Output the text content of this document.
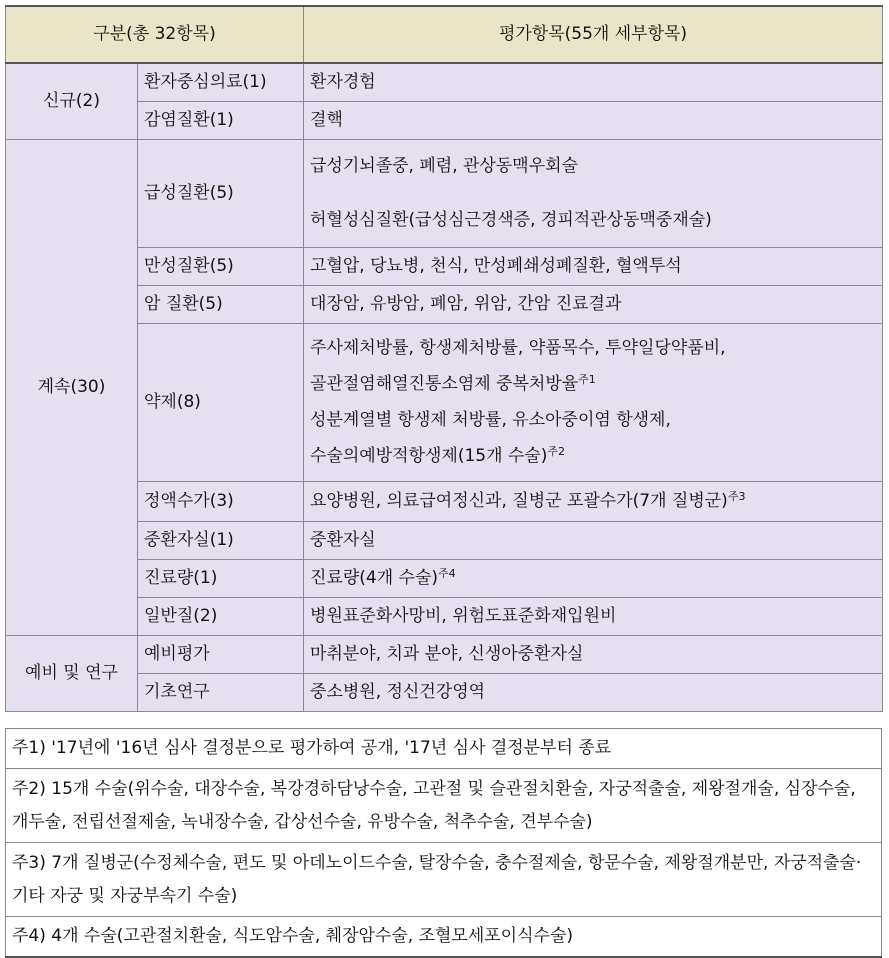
구분(총 32항목)		평가항목(55개 세부항목)
신규(2)	환자중심의료(1)	환자경험
	감염질환(1)	결핵
계속(30)	급성질환(5)	급성기뇌졸중, 폐렴, 관상동맥우회술
허혈성심질환(급성심근경색증, 경피적관상동맥중재술)

	만성질환(5)	고혈압, 당뇨병, 천식, 만성폐쇄성폐질환, 혈액투석
	암 질환(5)	대장암, 유방암, 폐암, 위암, 간암 진료결과
	약제(8)	주사제처방률, 항생제처방률, 약품목수, 투약일당약품비,
골관절염해열진통소염제 중복처방율$^{주1}$
성분계열별 항생제 처방률, 유소아중이염 항생제,
수술의예방적항생제(15개 수술)$^{주2}$

	정액수가(3)	요양병원, 의료급여정신과, 질병군 포괄수가(7개 질병군)$^{주3}$
	중환자실(1)	중환자실
	진료량(1)	진료량(4개 수술)$^{주4}$
	일반질(2)	병원표준화사망비, 위험도표준화재입원비
예비 및 연구	예비평가	마취분야, 치과 분야, 신생아중환자실
	기초연구	중소병원, 정신건강영역
주1) '17년에 '16년 심사 결정분으로 평가하여 공개, '17년 심사 결정분부터 종료
주2) 15개 수술(위수술, 대장수술, 복강경하담낭수술, 고관절 및 슬관절치환술, 자궁적출술, 제왕절개술, 심장수술, 개두술, 전립선절제술, 녹내장수술, 갑상선수술, 유방수술, 척추수술, 견부수술)
주3) 7개 질병군(수정체수술, 편도 및 아데노이드수술, 탈장수술, 충수절제술, 항문수술, 제왕절개분만, 자궁적출술·기타 자궁 및 자궁부속기 수술)
주4) 4개 수술(고관절치환술, 식도암수술, 췌장암수술, 조혈모세포이식수술)
